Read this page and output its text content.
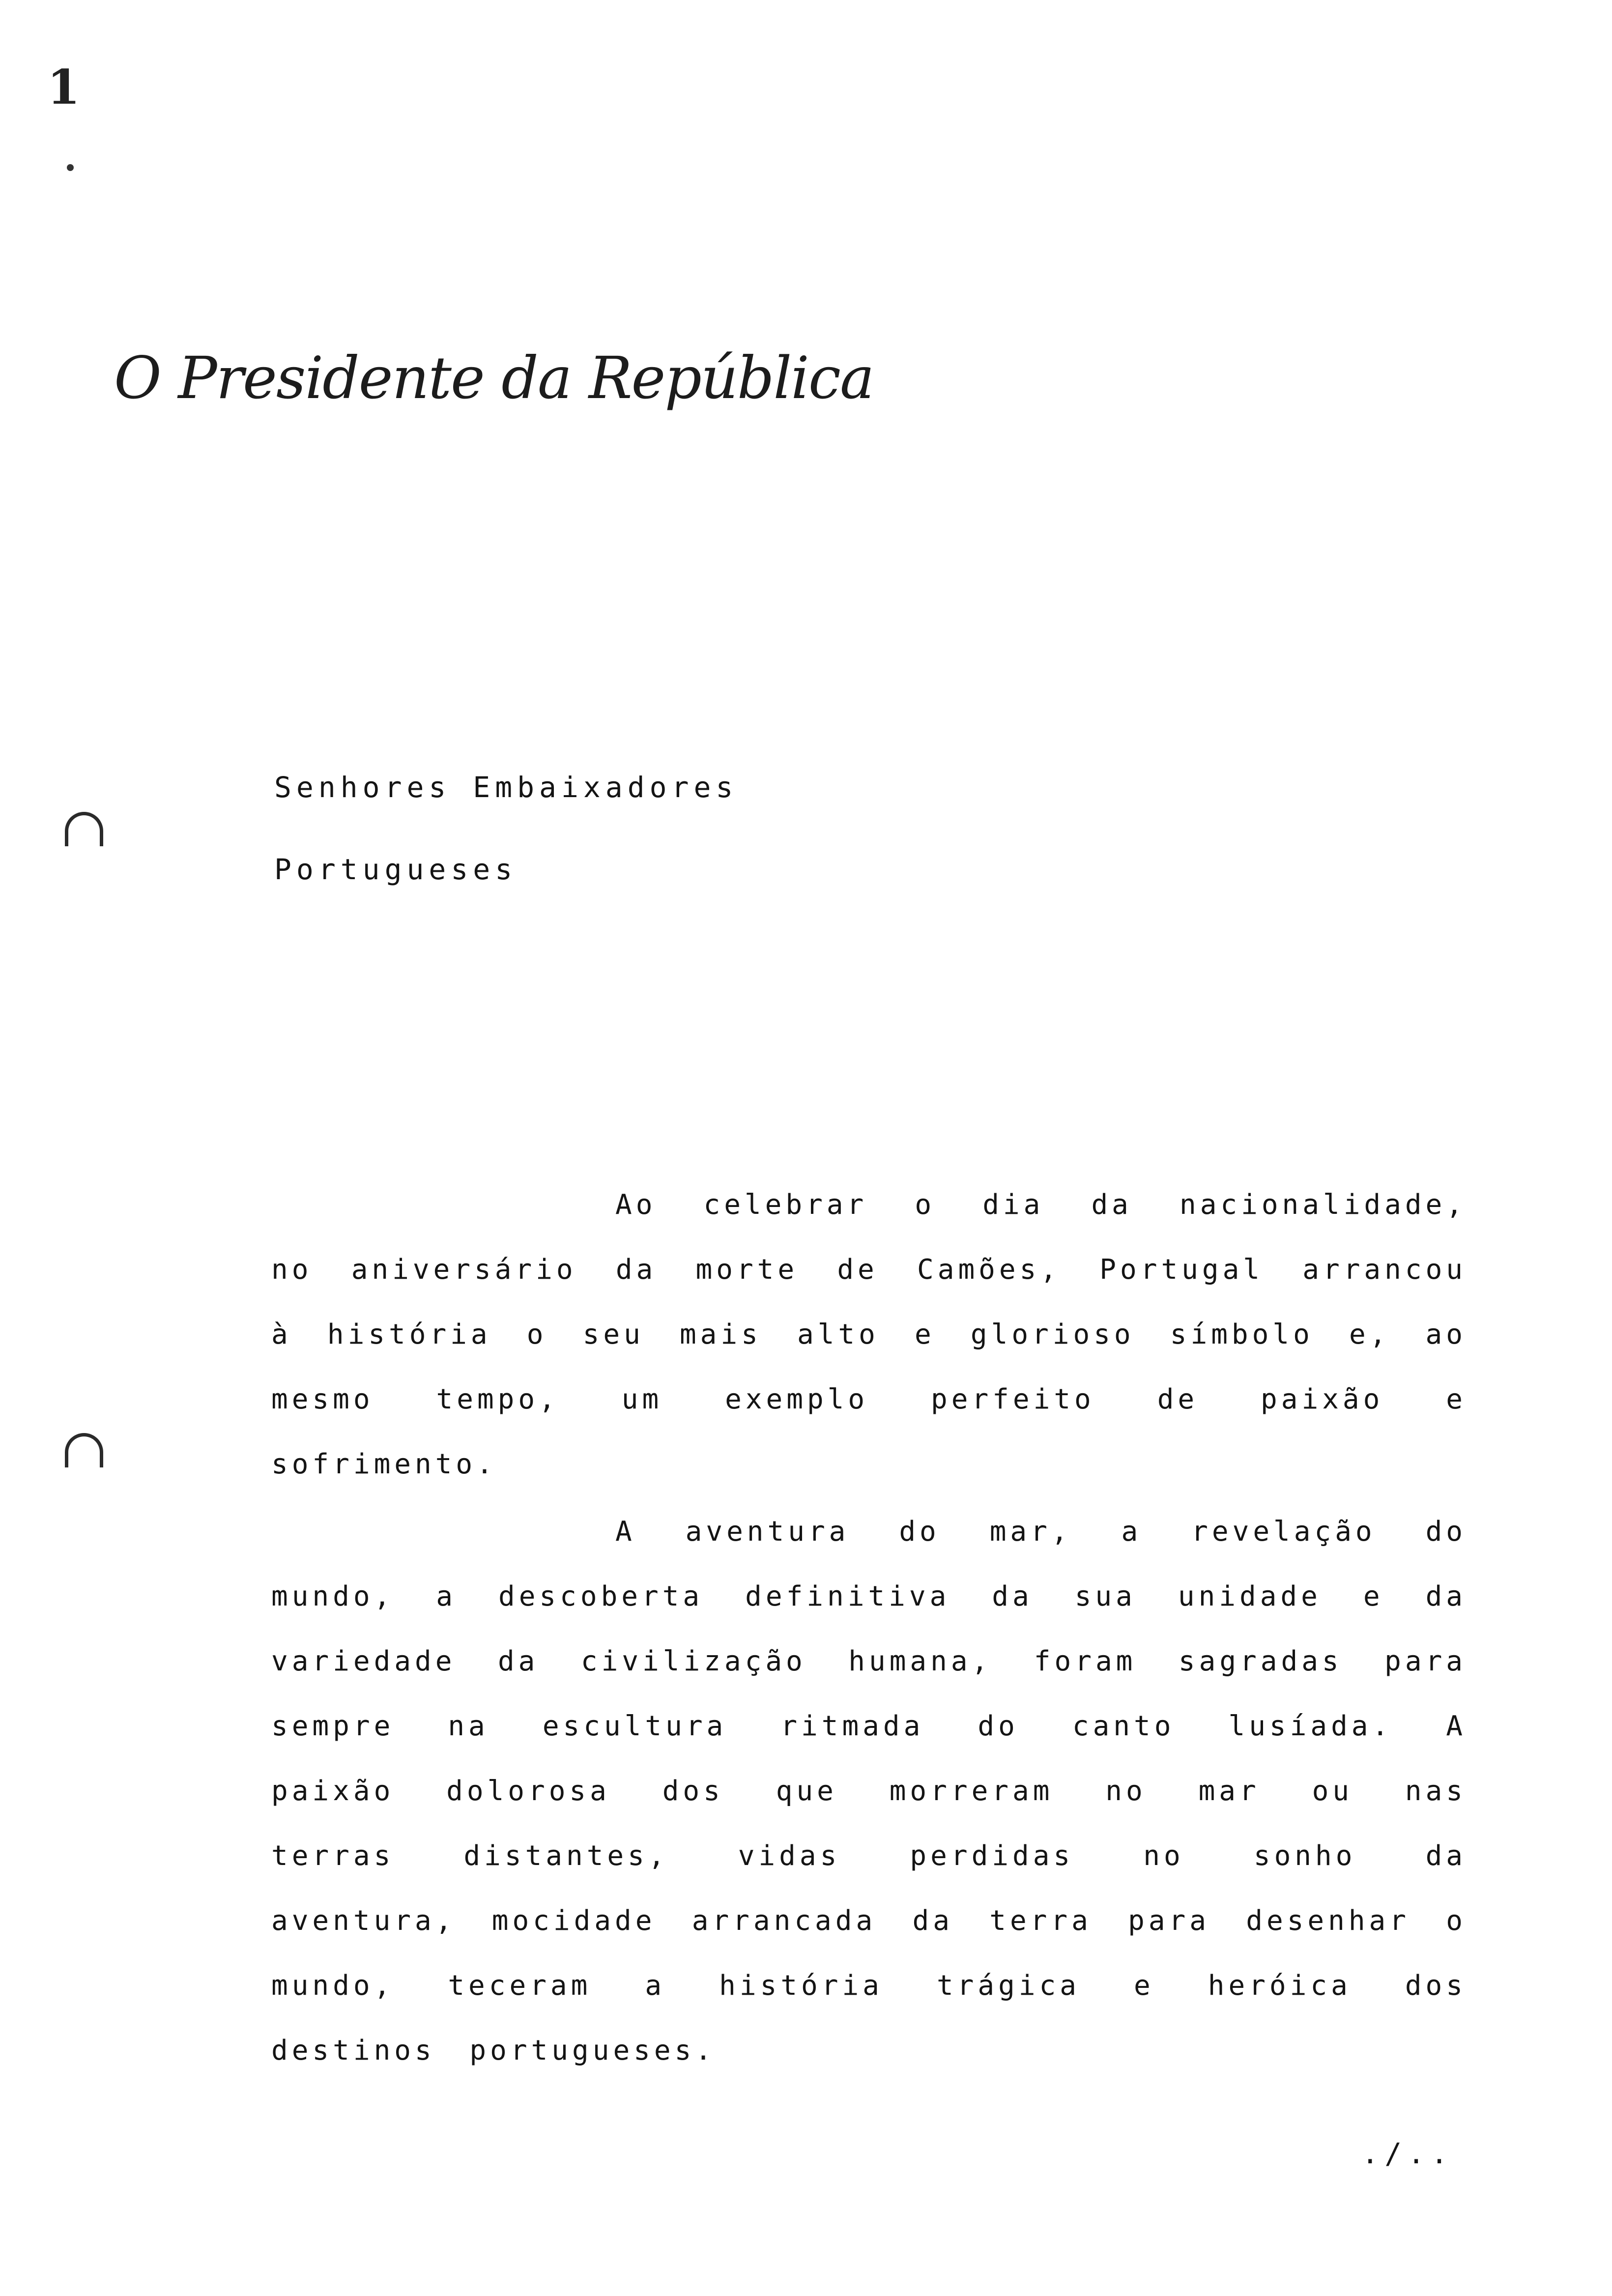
1
O Presidente da República
Senhores Embaixadores
Portugueses

Ao celebrar o dia da nacionalidade, no aniversário da morte de Camões, Portugal arrancou à história o seu mais alto e glorioso símbolo e, ao mesmo tempo, um exemplo perfeito de paixão e sofrimento.

A aventura do mar, a revelação do mundo, a descoberta definitiva da sua unidade e da variedade da civilização humana, foram sagradas para sempre na escultura ritmada do canto lusíada. A paixão dolorosa dos que morreram no mar ou nas terras distantes, vidas perdidas no sonho da aventura, mocidade arrancada da terra para desenhar o mundo, teceram a história trágica e heróica dos destinos portugueses.

./..
